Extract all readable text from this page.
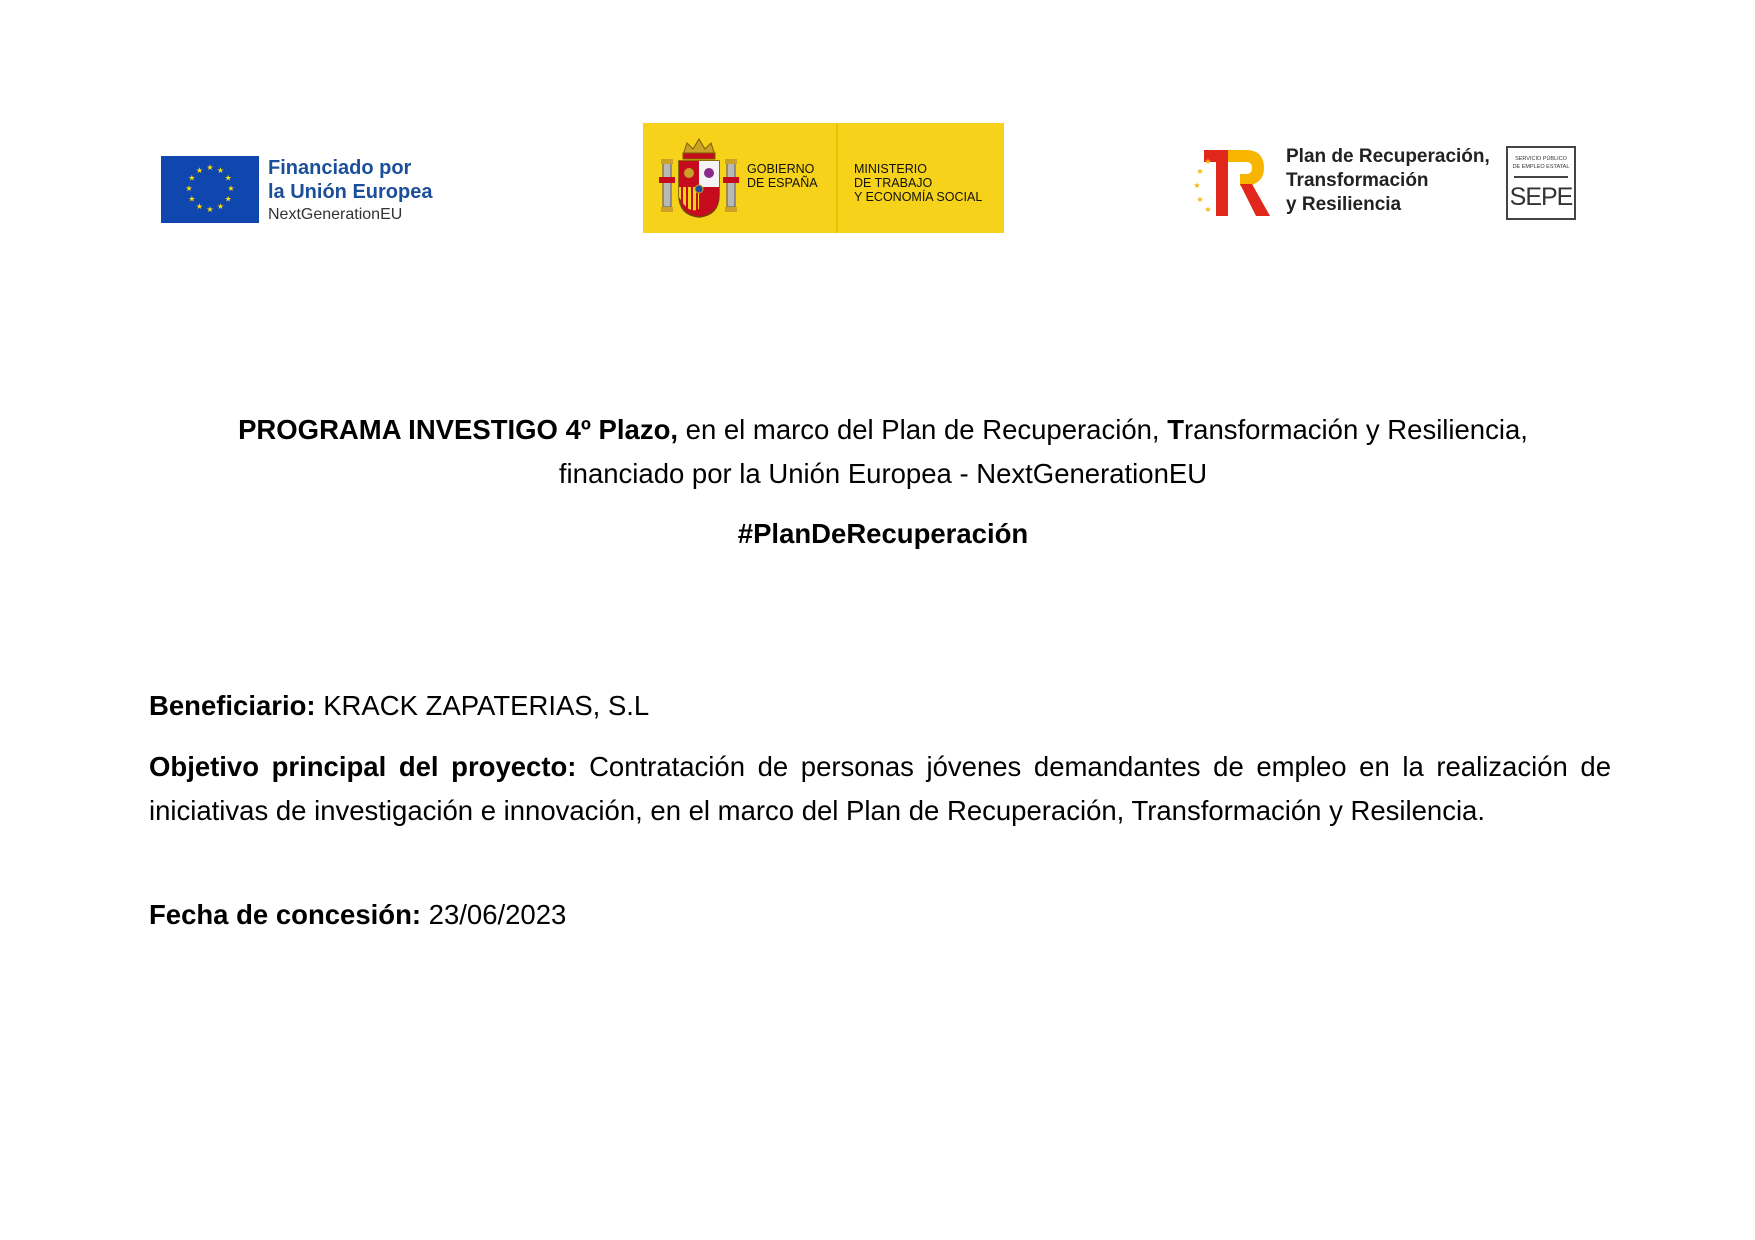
★ ★
★
★
★
★
★
★
★
★
★
★	Financiado por
la Unión Europea
NextGenerationEU
GOBIERNO
DE ESPAÑA
MINISTERIO
DE TRABAJO
Y ECONOMÍA SOCIAL
★
★
★
★
★	Plan de Recuperación,
Transformación
y Resiliencia
SERVICIO PÚBLICO
DE EMPLEO ESTATAL
SEPE
PROGRAMA INVESTIGO 4º Plazo, en el marco del Plan de Recuperación, Transformación y Resiliencia, financiado por la Unión Europea - NextGenerationEU
#PlanDeRecuperación
Beneficiario: KRACK ZAPATERIAS, S.L
Objetivo principal del proyecto: Contratación de personas jóvenes demandantes de empleo en la realización de iniciativas de investigación e innovación, en el marco del Plan de Recuperación, Transformación y Resilencia.
Fecha de concesión: 23/06/2023
